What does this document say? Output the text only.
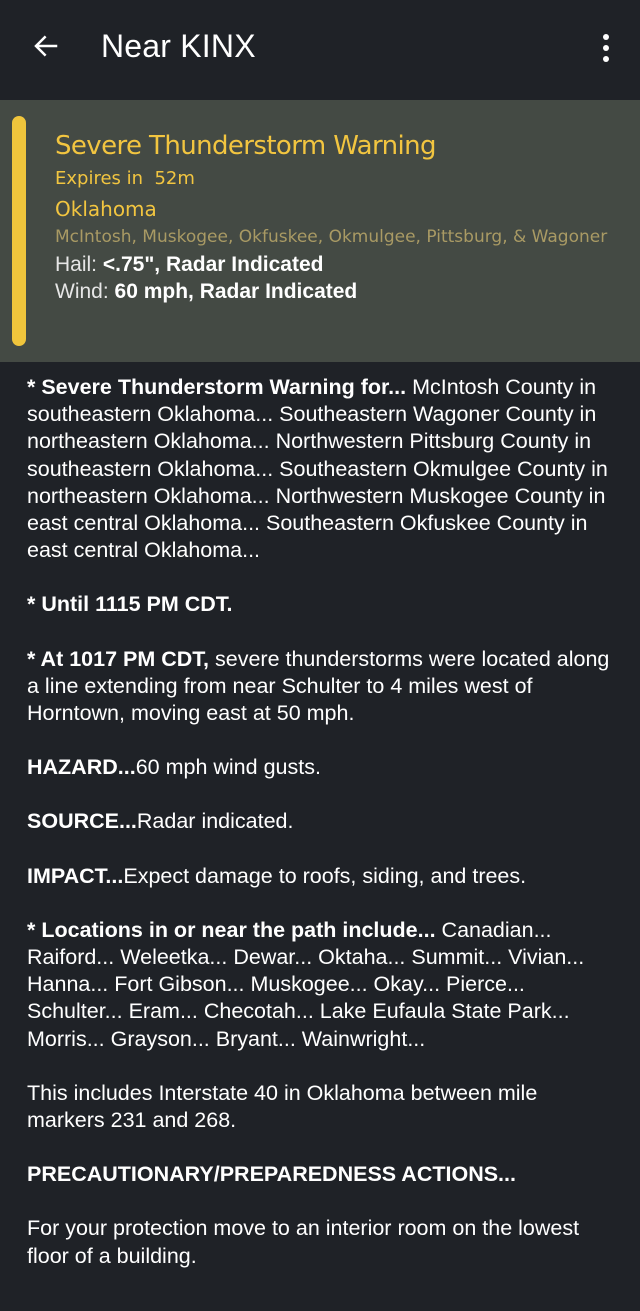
Near KINX
Severe Thunderstorm Warning
Expires in  52m
Oklahoma
McIntosh, Muskogee, Okfuskee, Okmulgee, Pittsburg, & Wagoner
Hail: <.75", Radar Indicated
Wind: 60 mph, Radar Indicated

* Severe Thunderstorm Warning for... McIntosh County in southeastern Oklahoma... Southeastern Wagoner County in northeastern Oklahoma... Northwestern Pittsburg County in southeastern Oklahoma... Southeastern Okmulgee County in northeastern Oklahoma... Northwestern Muskogee County in east central Oklahoma... Southeastern Okfuskee County in east central Oklahoma...

* Until 1115 PM CDT.

* At 1017 PM CDT, severe thunderstorms were located along a line extending from near Schulter to 4 miles west of Horntown, moving east at 50 mph.

HAZARD...60 mph wind gusts.

SOURCE...Radar indicated.

IMPACT...Expect damage to roofs, siding, and trees.

* Locations in or near the path include... Canadian... Raiford... Weleetka... Dewar... Oktaha... Summit... Vivian... Hanna... Fort Gibson... Muskogee... Okay... Pierce... Schulter... Eram... Checotah... Lake Eufaula State Park... Morris... Grayson... Bryant... Wainwright...

This includes Interstate 40 in Oklahoma between mile markers 231 and 268.

PRECAUTIONARY/PREPAREDNESS ACTIONS...

For your protection move to an interior room on the lowest floor of a building.
